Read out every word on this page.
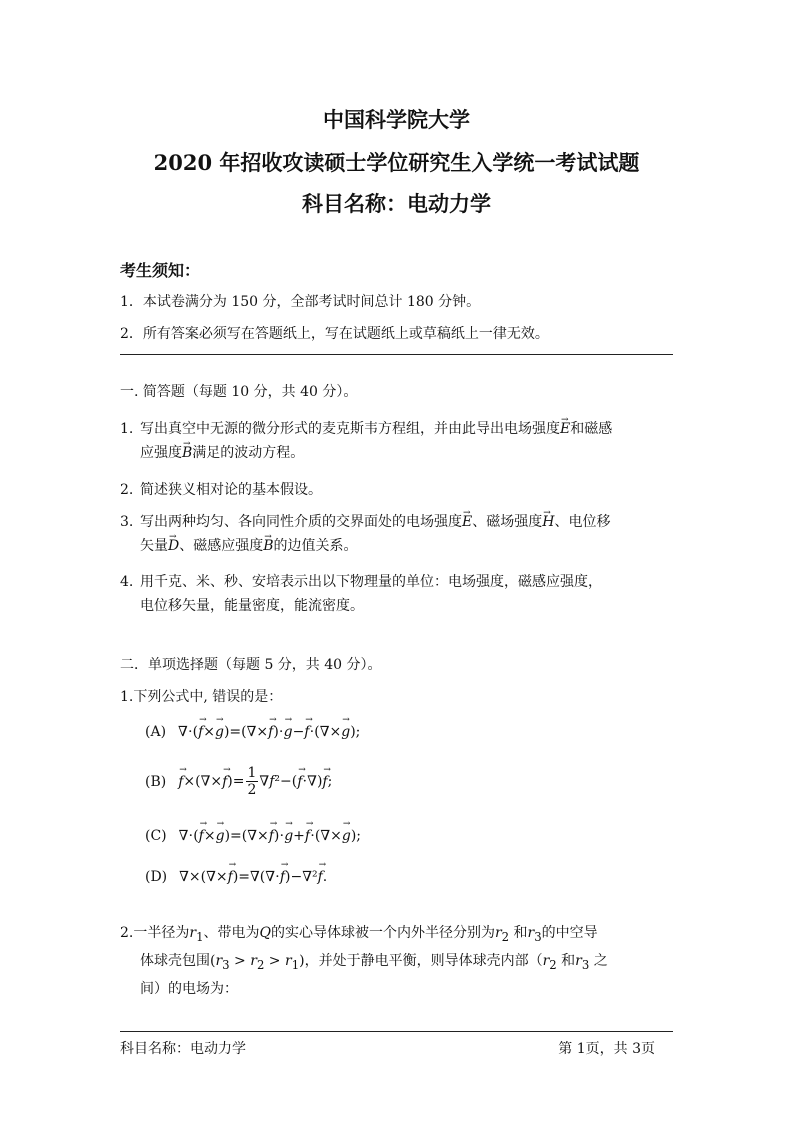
中国科学院大学
2020 年招收攻读硕士学位研究生入学统一考试试题
科目名称：电动力学
考生须知：
1．本试卷满分为 150 分，全部考试时间总计 180 分钟。
2．所有答案必须写在答题纸上，写在试题纸上或草稿纸上一律无效。
一. 简答题（每题 10 分，共 40 分）。
1. 写出真空中无源的微分形式的麦克斯韦方程组，并由此导出电场强度→ E和磁感
应强度→ B满足的波动方程。
2. 简述狭义相对论的基本假设。
3. 写出两种均匀、各向同性介质的交界面处的电场强度→ E、磁场强度→ H、电位移
矢量→ D、磁感应强度→ B的边值关系。
4. 用千克、米、秒、安培表示出以下物理量的单位：电场强度，磁感应强度，
电位移矢量，能量密度，能流密度。
二．单项选择题（每题 5 分，共 40 分）。
1.下列公式中, 错误的是：
(A) ∇⋅(→ f×→ g)=(∇×→ f)⋅→ g−→ f⋅(∇×→ g);
$(B)\to f\times(\nabla\times\to f)= \frac{1}{2} \nabla f^2-(\to f\cdot\nabla)\to f$;
(C) ∇⋅(→ f×→ g)=(∇×→ f)⋅→ g+→ f⋅(∇×→ g);
(D) ∇×(∇×→ f)=∇(∇⋅→ f)−∇²→ f.
2.一半径为$r_1$、带电为Q的实心导体球被一个内外半径分别为$r_2$ 和$r_3$的中空导
体球壳包围$(r_3 > r_2 > r_1)$，并处于静电平衡，则导体球壳内部（$r_2$ 和$r_3$ 之
间）的电场为：
科目名称：电动力学	第 1页，共 3页
